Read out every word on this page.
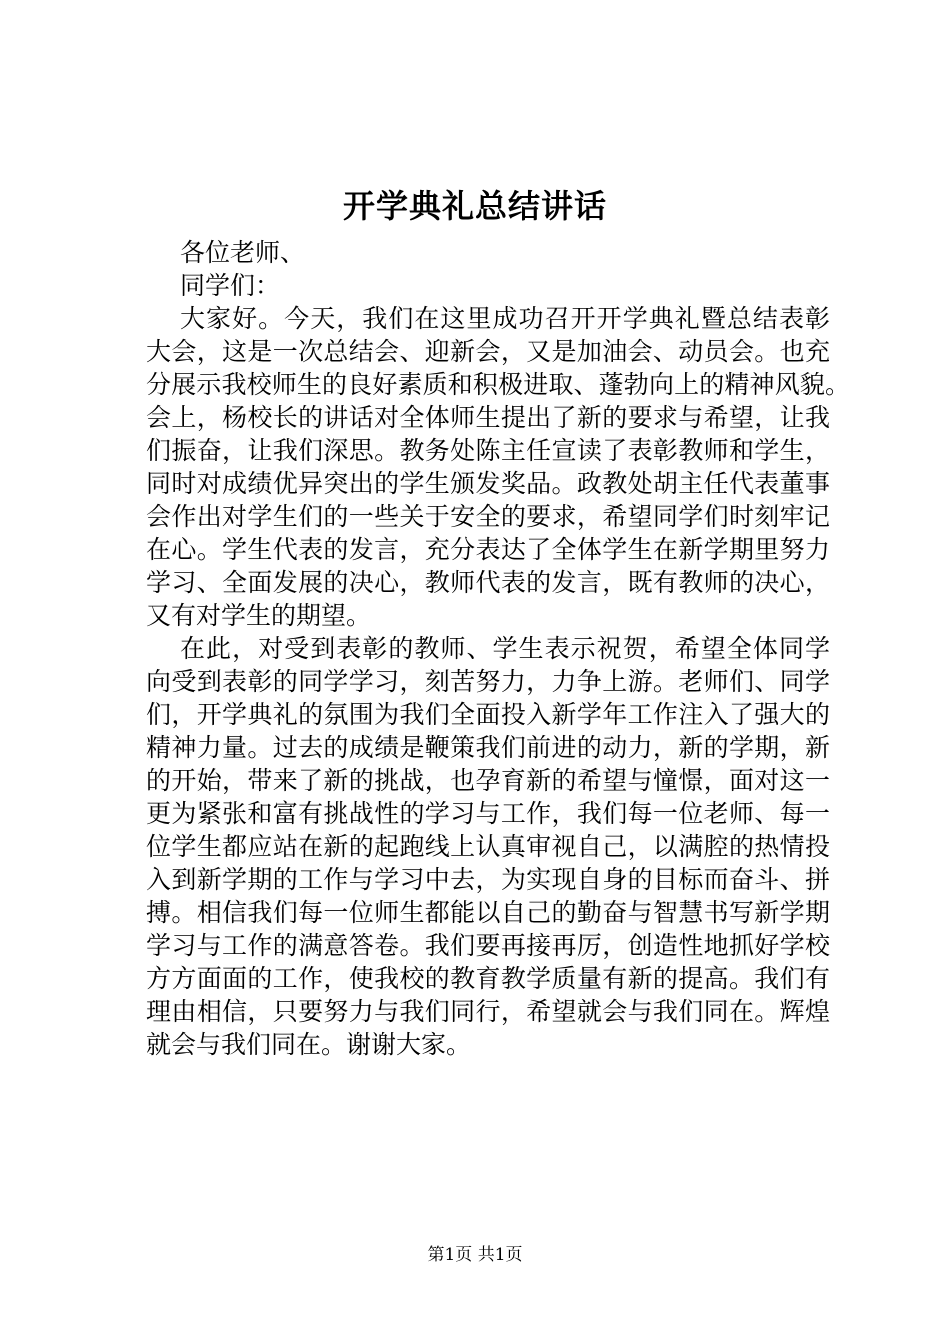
开学典礼总结讲话
各位老师、
同学们：
大家好。今天，我们在这里成功召开开学典礼暨总结表彰
大会，这是一次总结会、迎新会，又是加油会、动员会。也充
分展示我校师生的良好素质和积极进取、蓬勃向上的精神风貌。
会上，杨校长的讲话对全体师生提出了新的要求与希望，让我
们振奋，让我们深思。教务处陈主任宣读了表彰教师和学生，
同时对成绩优异突出的学生颁发奖品。政教处胡主任代表董事
会作出对学生们的一些关于安全的要求，希望同学们时刻牢记
在心。学生代表的发言，充分表达了全体学生在新学期里努力
学习、全面发展的决心，教师代表的发言，既有教师的决心，
又有对学生的期望。
在此，对受到表彰的教师、学生表示祝贺，希望全体同学
向受到表彰的同学学习，刻苦努力，力争上游。老师们、同学
们，开学典礼的氛围为我们全面投入新学年工作注入了强大的
精神力量。过去的成绩是鞭策我们前进的动力，新的学期，新
的开始，带来了新的挑战，也孕育新的希望与憧憬，面对这一
更为紧张和富有挑战性的学习与工作，我们每一位老师、每一
位学生都应站在新的起跑线上认真审视自己，以满腔的热情投
入到新学期的工作与学习中去，为实现自身的目标而奋斗、拼
搏。相信我们每一位师生都能以自己的勤奋与智慧书写新学期
学习与工作的满意答卷。我们要再接再厉，创造性地抓好学校
方方面面的工作，使我校的教育教学质量有新的提高。我们有
理由相信，只要努力与我们同行，希望就会与我们同在。辉煌
就会与我们同在。谢谢大家。
第1页 共1页
